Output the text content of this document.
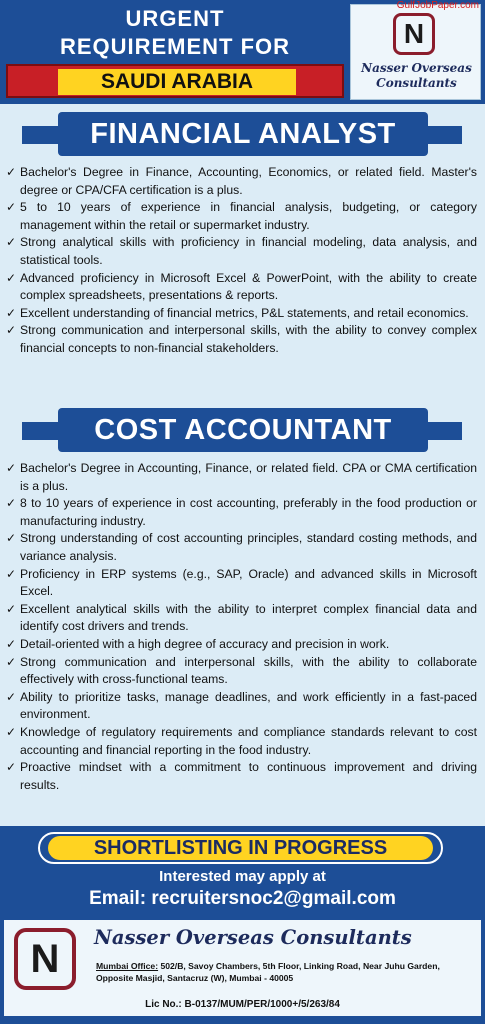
URGENT
REQUIREMENT FOR
SAUDI ARABIA
N
Nasser Overseas
Consultants
GulfJobPaper.com
FINANCIAL ANALYST
✓ Bachelor's Degree in Finance, Accounting, Economics, or related field. Master's degree or CPA/CFA certification is a plus.
✓ 5 to 10 years of experience in financial analysis, budgeting, or category management within the retail or supermarket industry.
✓ Strong analytical skills with proficiency in financial modeling, data analysis, and statistical tools.
✓ Advanced proficiency in Microsoft Excel & PowerPoint, with the ability to create complex spreadsheets, presentations & reports.
✓ Excellent understanding of financial metrics, P&L statements, and retail economics.
✓ Strong communication and interpersonal skills, with the ability to convey complex financial concepts to non-financial stakeholders.
COST ACCOUNTANT
✓ Bachelor's Degree in Accounting, Finance, or related field. CPA or CMA certification is a plus.
✓ 8 to 10 years of experience in cost accounting, preferably in the food production or manufacturing industry.
✓ Strong understanding of cost accounting principles, standard costing methods, and variance analysis.
✓ Proficiency in ERP systems (e.g., SAP, Oracle) and advanced skills in Microsoft Excel.
✓ Excellent analytical skills with the ability to interpret complex financial data and identify cost drivers and trends.
✓ Detail-oriented with a high degree of accuracy and precision in work.
✓ Strong communication and interpersonal skills, with the ability to collaborate effectively with cross-functional teams.
✓ Ability to prioritize tasks, manage deadlines, and work efficiently in a fast-paced environment.
✓ Knowledge of regulatory requirements and compliance standards relevant to cost accounting and financial reporting in the food industry.
✓ Proactive mindset with a commitment to continuous improvement and driving results.
SHORTLISTING IN PROGRESS
Interested may apply at
Email: recruitersnoc2@gmail.com
N Nasser Overseas Consultants
Mumbai Office: 502/B, Savoy Chambers, 5th Floor, Linking Road, Near Juhu Garden, Opposite Masjid, Santacruz (W), Mumbai - 40005
Lic No.: B-0137/MUM/PER/1000+/5/263/84
